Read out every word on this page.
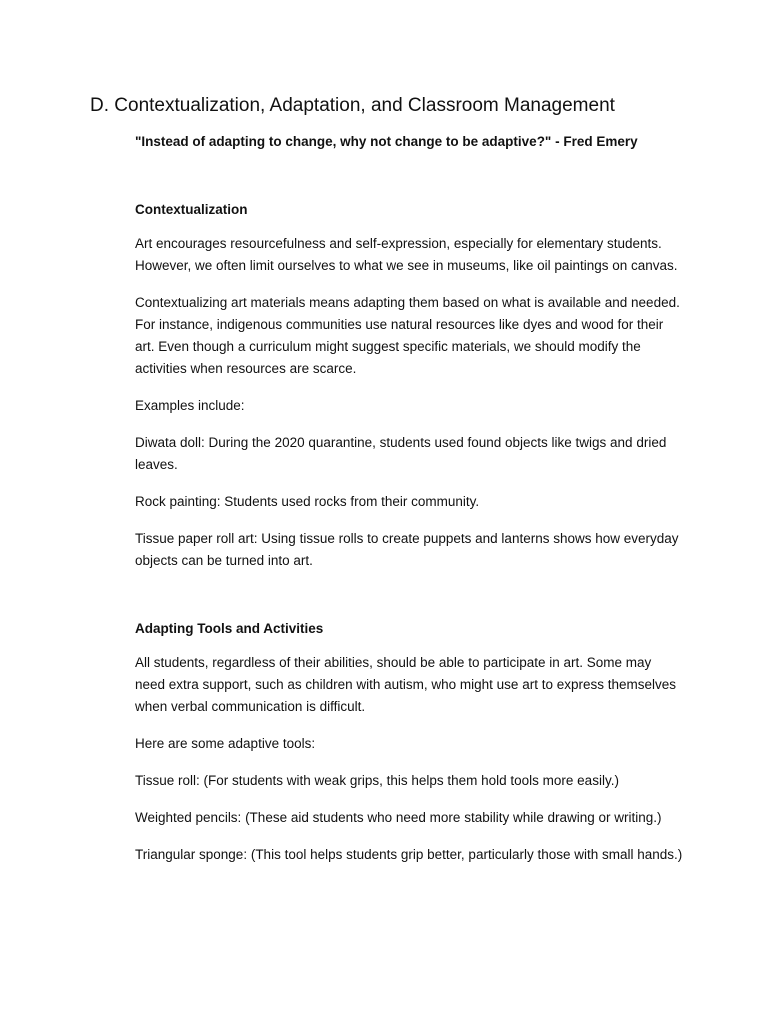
D. Contextualization, Adaptation, and Classroom Management
"Instead of adapting to change, why not change to be adaptive?" - Fred Emery
Contextualization

Art encourages resourcefulness and self-expression, especially for elementary students. However, we often limit ourselves to what we see in museums, like oil paintings on canvas.

Contextualizing art materials means adapting them based on what is available and needed. For instance, indigenous communities use natural resources like dyes and wood for their art. Even though a curriculum might suggest specific materials, we should modify the activities when resources are scarce.

Examples include:

Diwata doll: During the 2020 quarantine, students used found objects like twigs and dried leaves.

Rock painting: Students used rocks from their community.

Tissue paper roll art: Using tissue rolls to create puppets and lanterns shows how everyday objects can be turned into art.

Adapting Tools and Activities

All students, regardless of their abilities, should be able to participate in art. Some may need extra support, such as children with autism, who might use art to express themselves when verbal communication is difficult.

Here are some adaptive tools:

Tissue roll: (For students with weak grips, this helps them hold tools more easily.)

Weighted pencils: (These aid students who need more stability while drawing or writing.)

Triangular sponge: (This tool helps students grip better, particularly those with small hands.)
